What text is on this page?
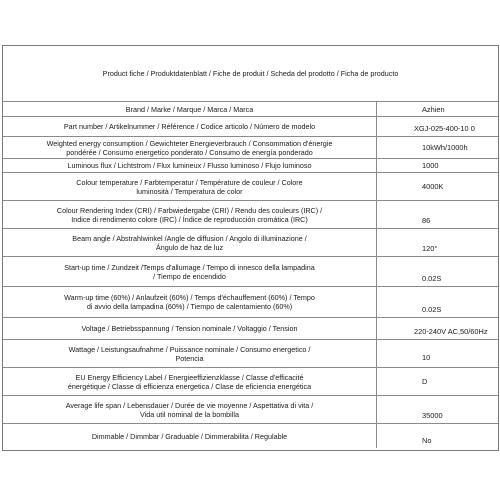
Product fiche / Produktdatenblatt / Fiche de produit / Scheda del prodotto / Ficha de producto
Brand / Marke / Marque / Marca / Marca	Azhien
Part number / Artikelnummer / Référence / Codice articolo / Número de modelo	XGJ-025-400-10 0
Weighted energy consumption / Gewichteter Energieverbrauch / Consommation d'énergie
pondérée / Consumo energetico ponderato / Consumo de energía ponderado	10kWh/1000h
Luminous flux / Lichtstrom / Flux lumineux / Flusso luminoso / Flujo luminoso	1000
Colour temperature / Farbtemperatur / Température de couleur / Colore
luminosità / Temperatura de color	4000K
Colour Rendering Index (CRI) / Farbwiedergabe (CRI) / Rendu des couleurs (IRC) /
Indice di rendimento colore (IRC) / Índice de reproducción cromática (IRC)	86
Beam angle / Abstrahlwinkel /Angle de diffusion / Angolo di illuminazione /
Ángulo de haz de luz	120°
Start-up time / Zundzeit /Temps d'allumage / Tempo di innesco della lampadina
/ Tiempo de encendido	0.02S
Warm-up time (60%) / Anlaufzeit (60%) / Temps d'échauffement (60%) / Tempo
di avvio della lampadina (60%) / Tiempo de calentamiento (60%)	0.02S
Voltage / Betriebsspannung / Tension nominale / Voltaggio / Tension	220-240V AC,50/60Hz
Wattage / Leistungsaufnahme / Puissance nominale / Consumo energetico /
Potencia	10
EU Energy Efficiency Label / Energieeffizienzklasse / Classe d'efficacité
énergétique / Classe di efficienza energetica / Clase de eficiencia energética	D
Average life span / Lebensdauer / Durée de vie moyenne / Aspettativa di vita /
Vida util nominal de la bombilla	35000
Dimmable / Dimmbar / Graduable / Dimmerabilita / Regulable	No
